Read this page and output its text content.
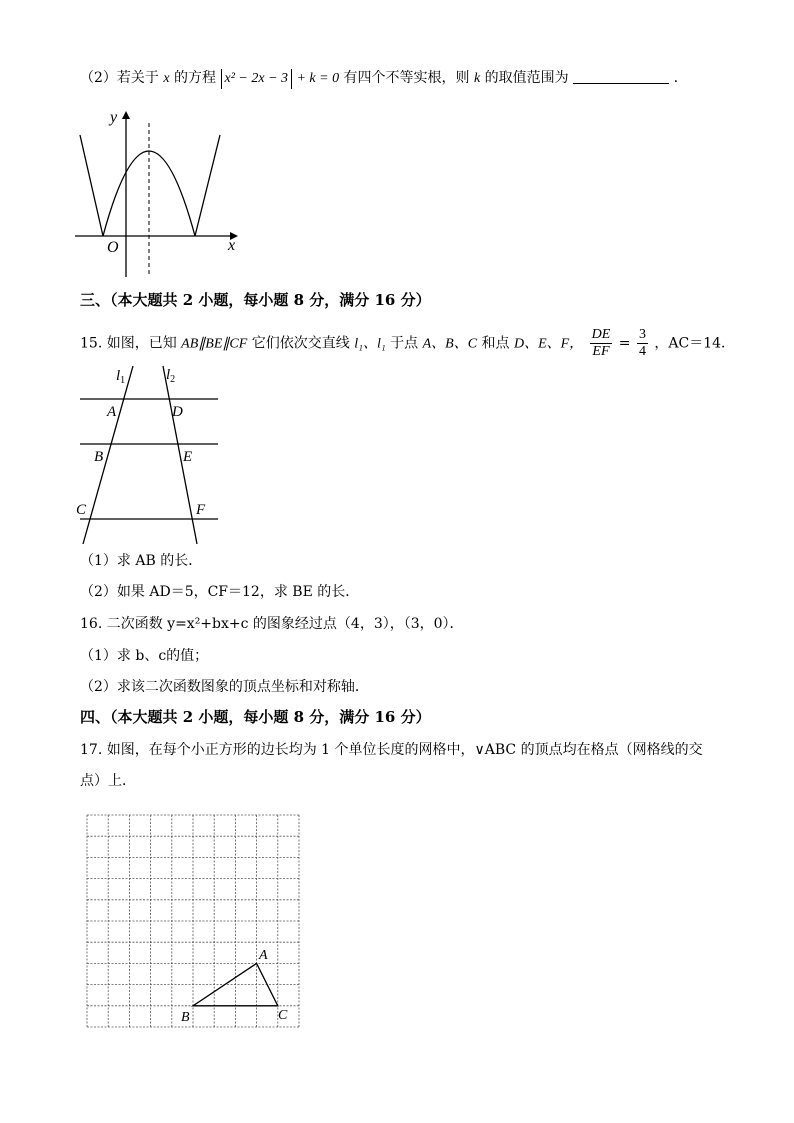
（2）若关于 x 的方程 x² − 2x − 3 + k = 0 有四个不等实根，则 k 的取值范围为	.
y
x
O
三、（本大题共 2 小题，每小题 8 分，满分 16 分）
15. 如图，已知 AB∥BE∥CF 它们依次交直线 l₁、l₁ 于点 A、B、C 和点 D、E、F， $\frac{DE}{EF} = \frac{3}{4}$ ，AC＝14．
$l_1$	$l_2$
A	D
B	E
C	F
（1）求 AB 的长．
（2）如果 AD＝5，CF＝12，求 BE 的长．
16. 二次函数 y=x²+bx+c 的图象经过点（4，3），（3，0）．
（1）求 b、c的值；
（2）求该二次函数图象的顶点坐标和对称轴．
四、（本大题共 2 小题，每小题 8 分，满分 16 分）
17. 如图，在每个小正方形的边长均为 1 个单位长度的网格中，∨ABC 的顶点均在格点（网格线的交
点）上．
A
B	C
